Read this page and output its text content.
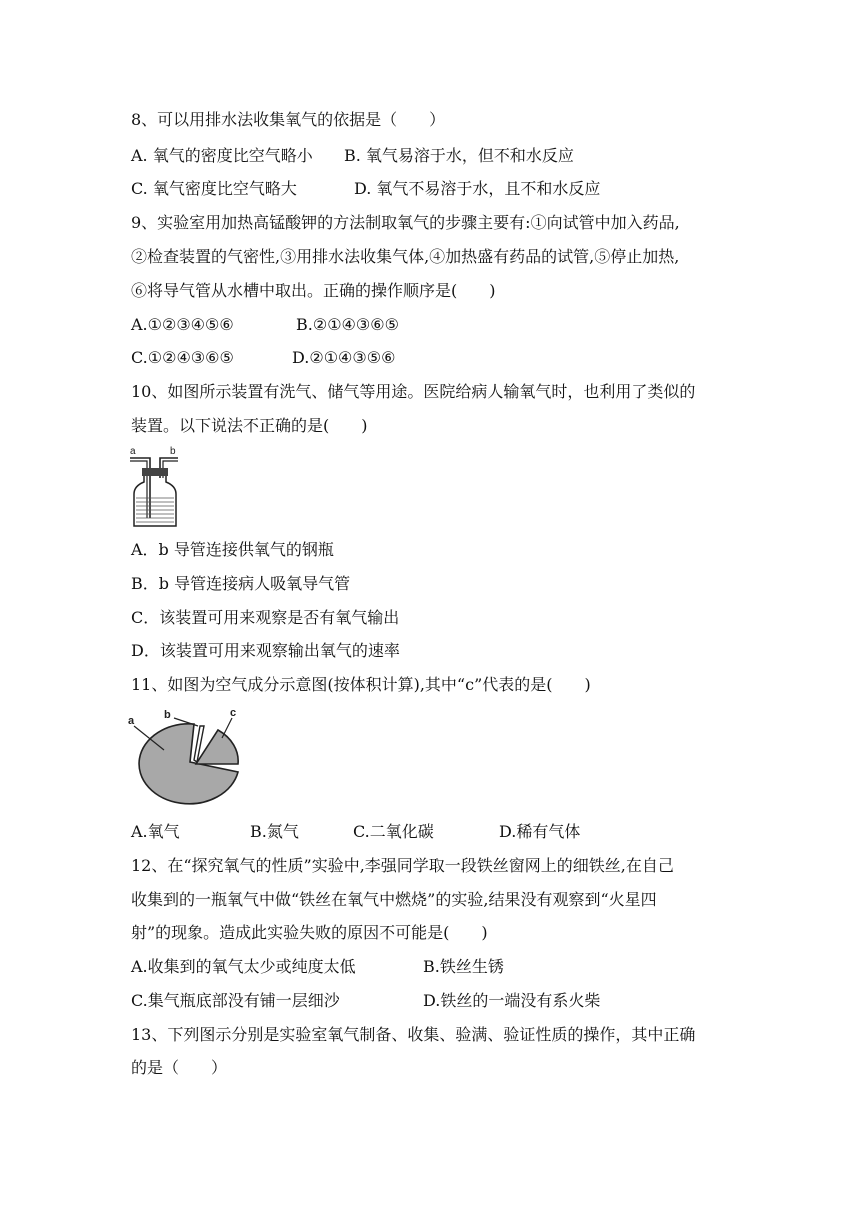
8、可以用排水法收集氧气的依据是（　　）
A. 氧气的密度比空气略小 B. 氧气易溶于水，但不和水反应
C. 氧气密度比空气略大	D. 氧气不易溶于水，且不和水反应
9、实验室用加热高锰酸钾的方法制取氧气的步骤主要有:①向试管中加入药品,
②检查装置的气密性,③用排水法收集气体,④加热盛有药品的试管,⑤停止加热,
⑥将导气管从水槽中取出。正确的操作顺序是(　　)
A.①②③④⑤⑥	B.②①④③⑥⑤
C.①②④③⑥⑤	D.②①④③⑤⑥
10、如图所示装置有洗气、储气等用途。医院给病人输氧气时，也利用了类似的
装置。以下说法不正确的是(　　)
a	b
A．b 导管连接供氧气的钢瓶
B．b 导管连接病人吸氧导气管
C．该装置可用来观察是否有氧气输出
D．该装置可用来观察输出氧气的速率
11、如图为空气成分示意图(按体积计算),其中“c”代表的是(　　)
a	b	c
A.氧气	B.氮气	C.二氧化碳	D.稀有气体
12、在“探究氧气的性质”实验中,李强同学取一段铁丝窗网上的细铁丝,在自己
收集到的一瓶氧气中做“铁丝在氧气中燃烧”的实验,结果没有观察到“火星四
射”的现象。造成此实验失败的原因不可能是(　　)
A.收集到的氧气太少或纯度太低	B.铁丝生锈
C.集气瓶底部没有铺一层细沙	D.铁丝的一端没有系火柴
13、下列图示分别是实验室氧气制备、收集、验满、验证性质的操作，其中正确
的是（　　）
